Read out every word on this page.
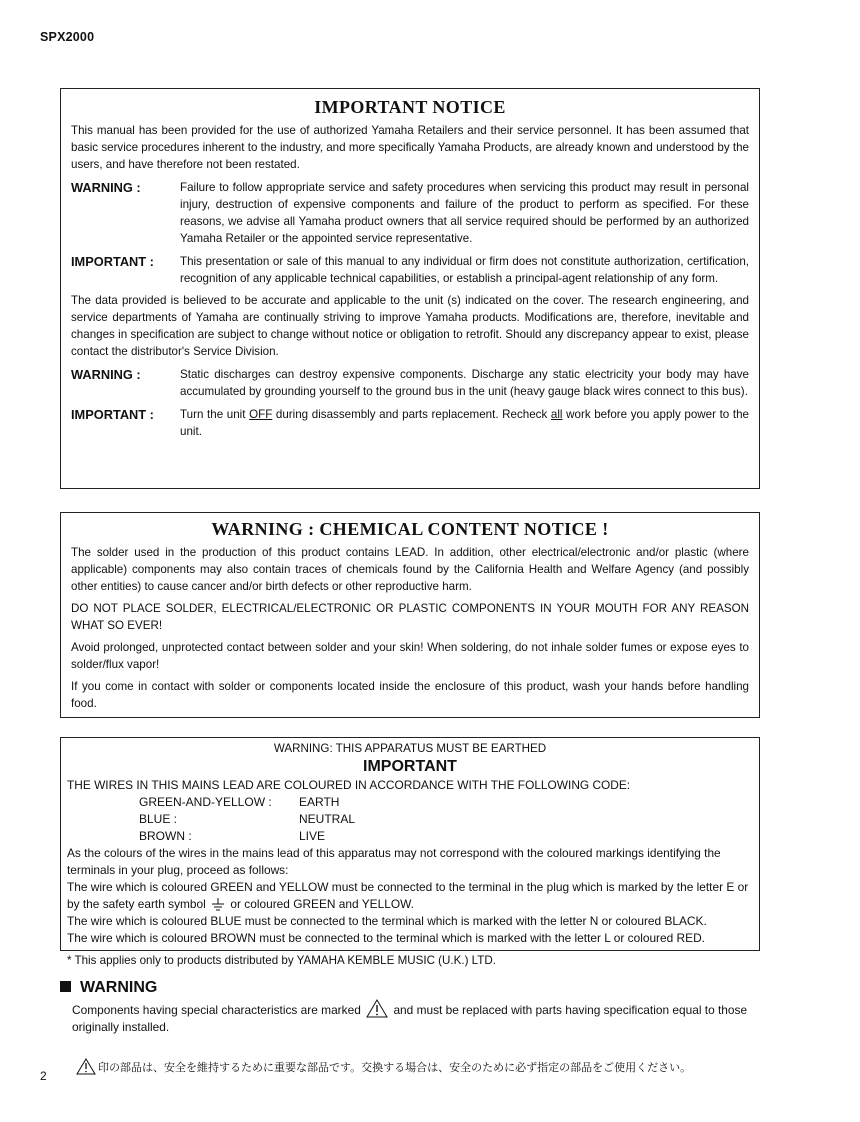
SPX2000
IMPORTANT NOTICE

This manual has been provided for the use of authorized Yamaha Retailers and their service personnel. It has been assumed that basic service procedures inherent to the industry, and more specifically Yamaha Products, are already known and understood by the users, and have therefore not been restated.

WARNING :	Failure to follow appropriate service and safety procedures when servicing this product may result in personal injury, destruction of expensive components and failure of the product to perform as specified. For these reasons, we advise all Yamaha product owners that all service required should be performed by an authorized Yamaha Retailer or the appointed service representative.
IMPORTANT :	This presentation or sale of this manual to any individual or firm does not constitute authorization, certification, recognition of any applicable technical capabilities, or establish a principal-agent relationship of any form.

The data provided is believed to be accurate and applicable to the unit (s) indicated on the cover. The research engineering, and service departments of Yamaha are continually striving to improve Yamaha products. Modifications are, therefore, inevitable and changes in specification are subject to change without notice or obligation to retrofit. Should any discrepancy appear to exist, please contact the distributor's Service Division.

WARNING :	Static discharges can destroy expensive components. Discharge any static electricity your body may have accumulated by grounding yourself to the ground bus in the unit (heavy gauge black wires connect to this bus).
IMPORTANT :	Turn the unit OFF during disassembly and parts replacement. Recheck all work before you apply power to the unit.
WARNING : CHEMICAL CONTENT NOTICE !

The solder used in the production of this product contains LEAD. In addition, other electrical/electronic and/or plastic (where applicable) components may also contain traces of chemicals found by the California Health and Welfare Agency (and possibly other entities) to cause cancer and/or birth defects or other reproductive harm.

DO NOT PLACE SOLDER, ELECTRICAL/ELECTRONIC OR PLASTIC COMPONENTS IN YOUR MOUTH FOR ANY REASON WHAT SO EVER!

Avoid prolonged, unprotected contact between solder and your skin! When soldering, do not inhale solder fumes or expose eyes to solder/flux vapor!

If you come in contact with solder or components located inside the enclosure of this product, wash your hands before handling food.

WARNING: THIS APPARATUS MUST BE EARTHED
IMPORTANT

THE WIRES IN THIS MAINS LEAD ARE COLOURED IN ACCORDANCE WITH THE FOLLOWING CODE:

GREEN-AND-YELLOW :	EARTH
BLUE :	NEUTRAL
BROWN :	LIVE

As the colours of the wires in the mains lead of this apparatus may not correspond with the coloured markings identifying the terminals in your plug, proceed as follows:

The wire which is coloured GREEN and YELLOW must be connected to the terminal in the plug which is marked by the letter E or by the safety earth symbol or coloured GREEN and YELLOW.

The wire which is coloured BLUE must be connected to the terminal which is marked with the letter N or coloured BLACK.

The wire which is coloured BROWN must be connected to the terminal which is marked with the letter L or coloured RED.

* This applies only to products distributed by YAMAHA KEMBLE MUSIC (U.K.) LTD.
WARNING
Components having special characteristics are marked	and must be replaced with parts having specification equal to those originally installed.
印の部品は、安全を維持するために重要な部品です。交換する場合は、安全のために必ず指定の部品をご使用ください。
2
